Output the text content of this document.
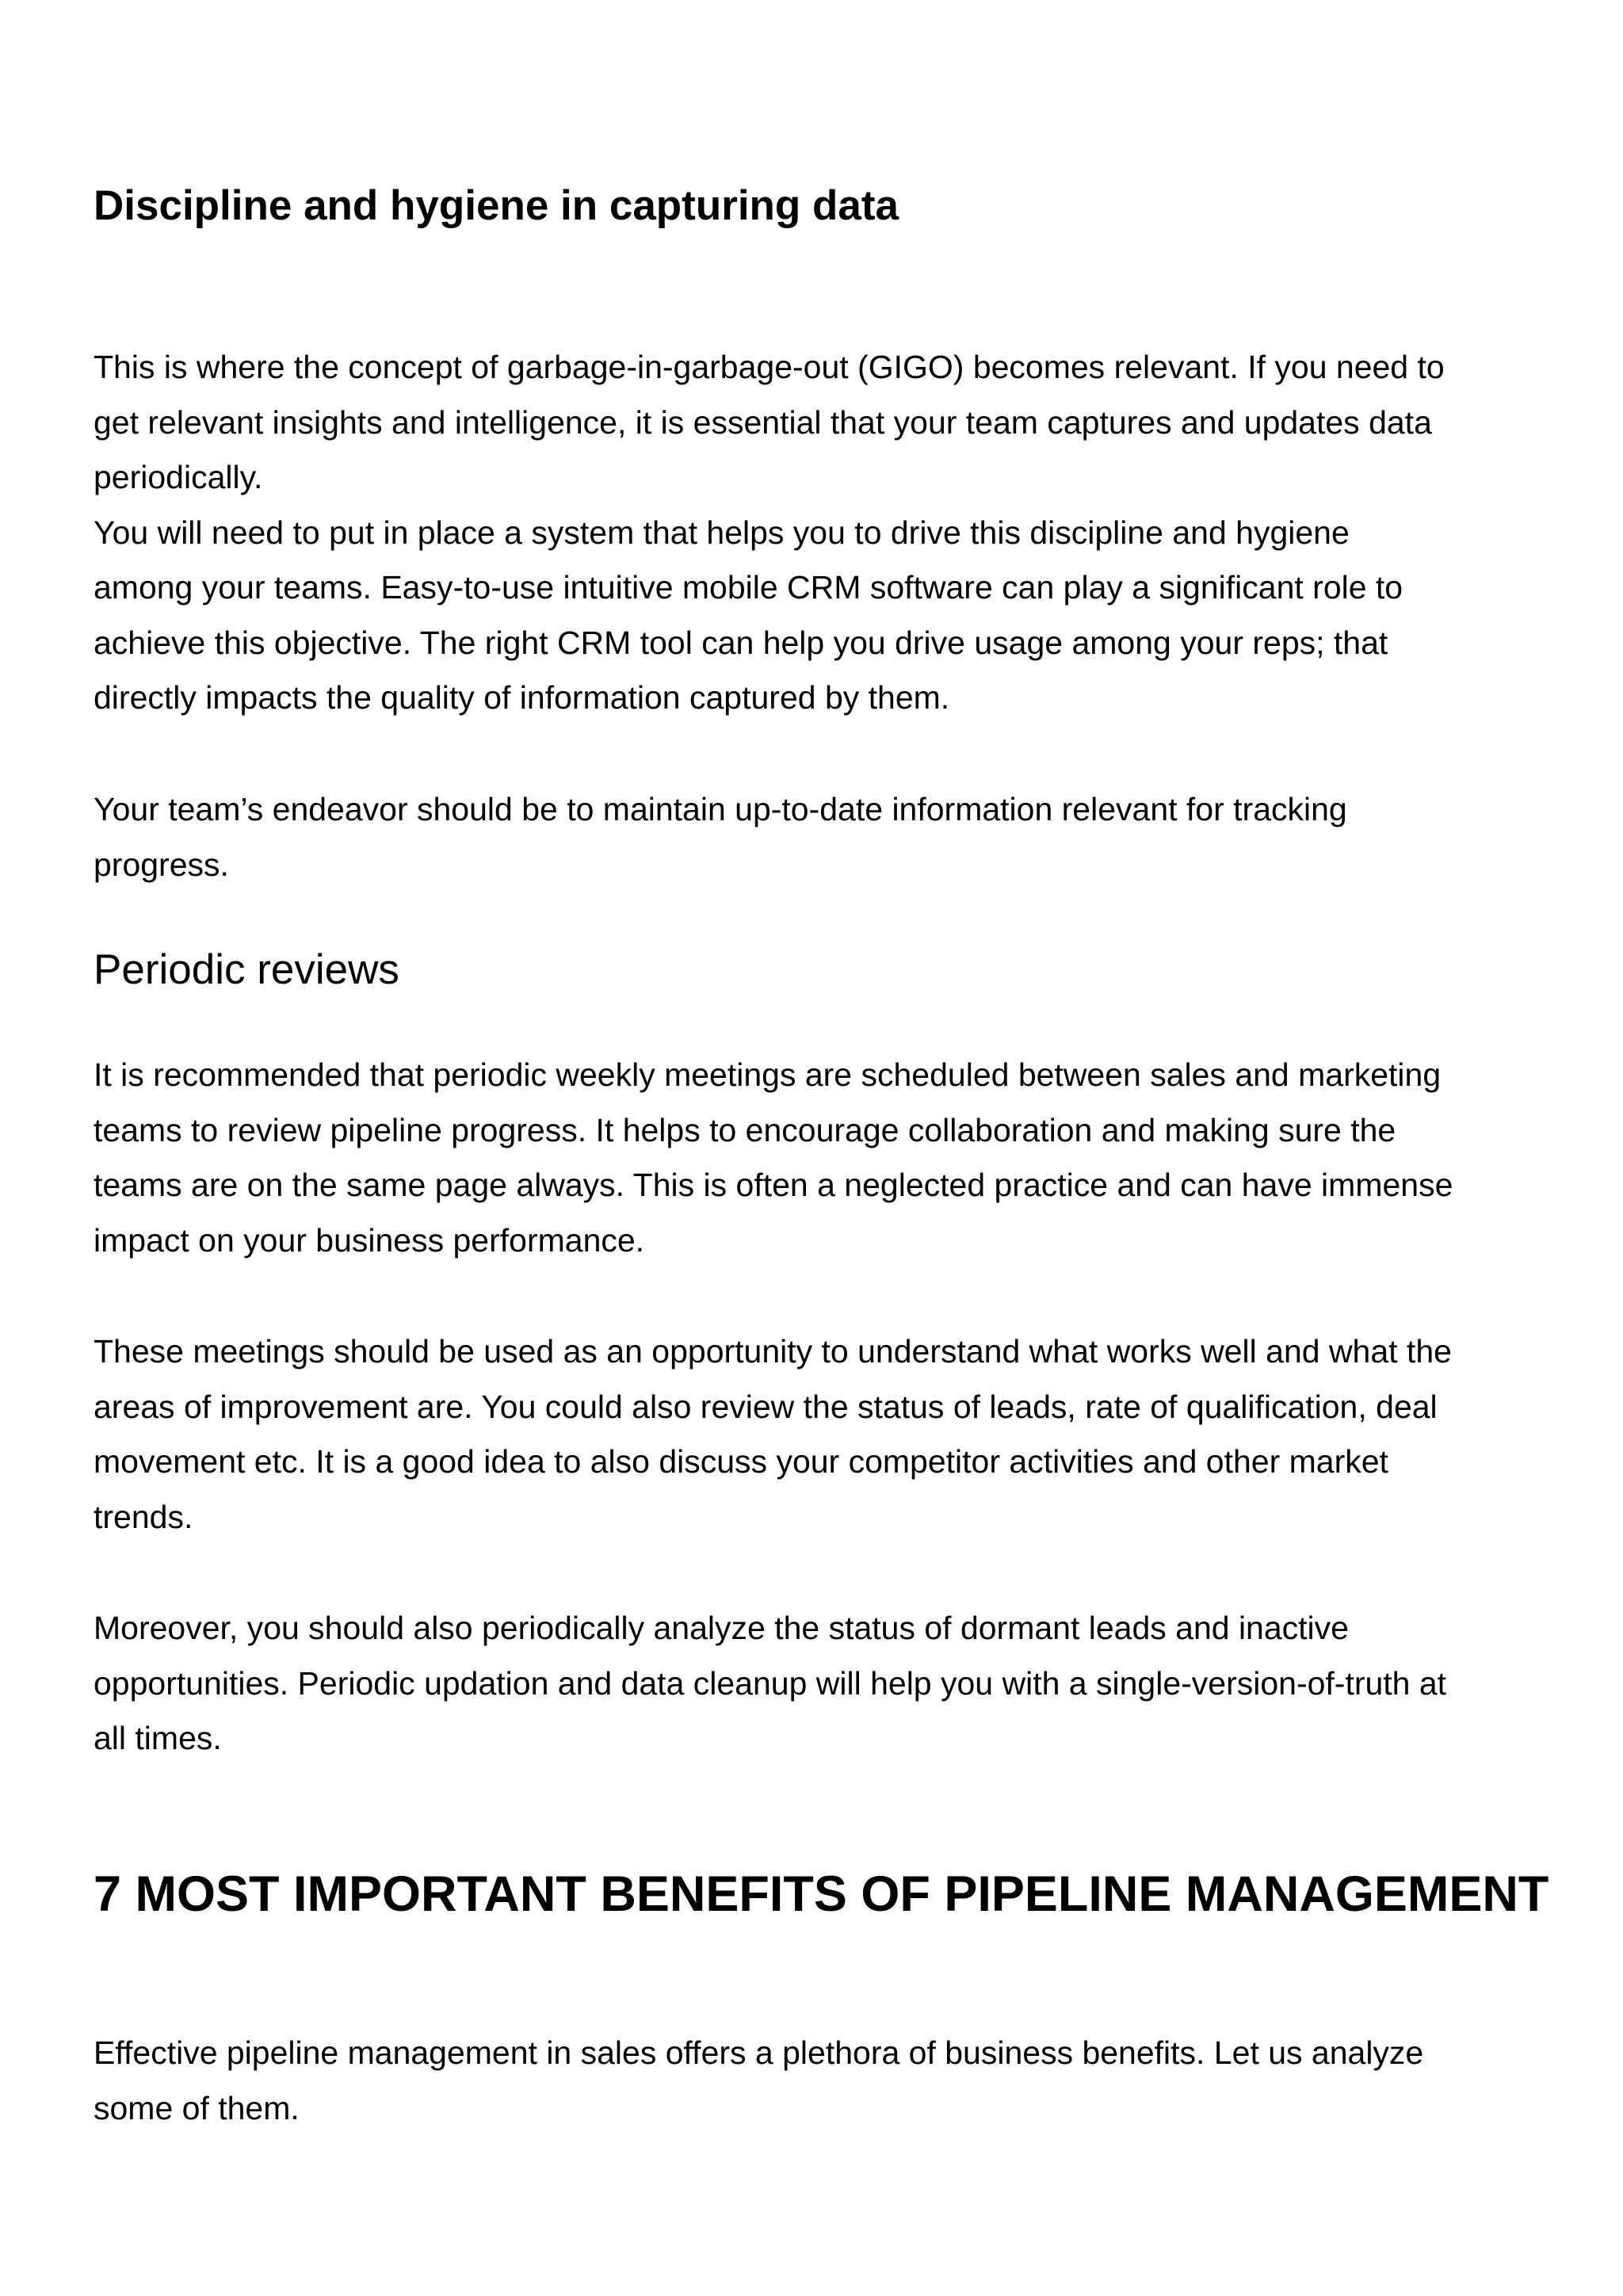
Discipline and hygiene in capturing data

This is where the concept of garbage-in-garbage-out (GIGO) becomes relevant. If you need to
get relevant insights and intelligence, it is essential that your team captures and updates data
periodically.
You will need to put in place a system that helps you to drive this discipline and hygiene
among your teams. Easy-to-use intuitive mobile CRM software can play a significant role to
achieve this objective. The right CRM tool can help you drive usage among your reps; that
directly impacts the quality of information captured by them.

Your team’s endeavor should be to maintain up-to-date information relevant for tracking
progress.

Periodic reviews

It is recommended that periodic weekly meetings are scheduled between sales and marketing
teams to review pipeline progress. It helps to encourage collaboration and making sure the
teams are on the same page always. This is often a neglected practice and can have immense
impact on your business performance.

These meetings should be used as an opportunity to understand what works well and what the
areas of improvement are. You could also review the status of leads, rate of qualification, deal
movement etc. It is a good idea to also discuss your competitor activities and other market
trends.

Moreover, you should also periodically analyze the status of dormant leads and inactive
opportunities. Periodic updation and data cleanup will help you with a single-version-of-truth at
all times.

7 MOST IMPORTANT BENEFITS OF PIPELINE MANAGEMENT

Effective pipeline management in sales offers a plethora of business benefits. Let us analyze
some of them.
